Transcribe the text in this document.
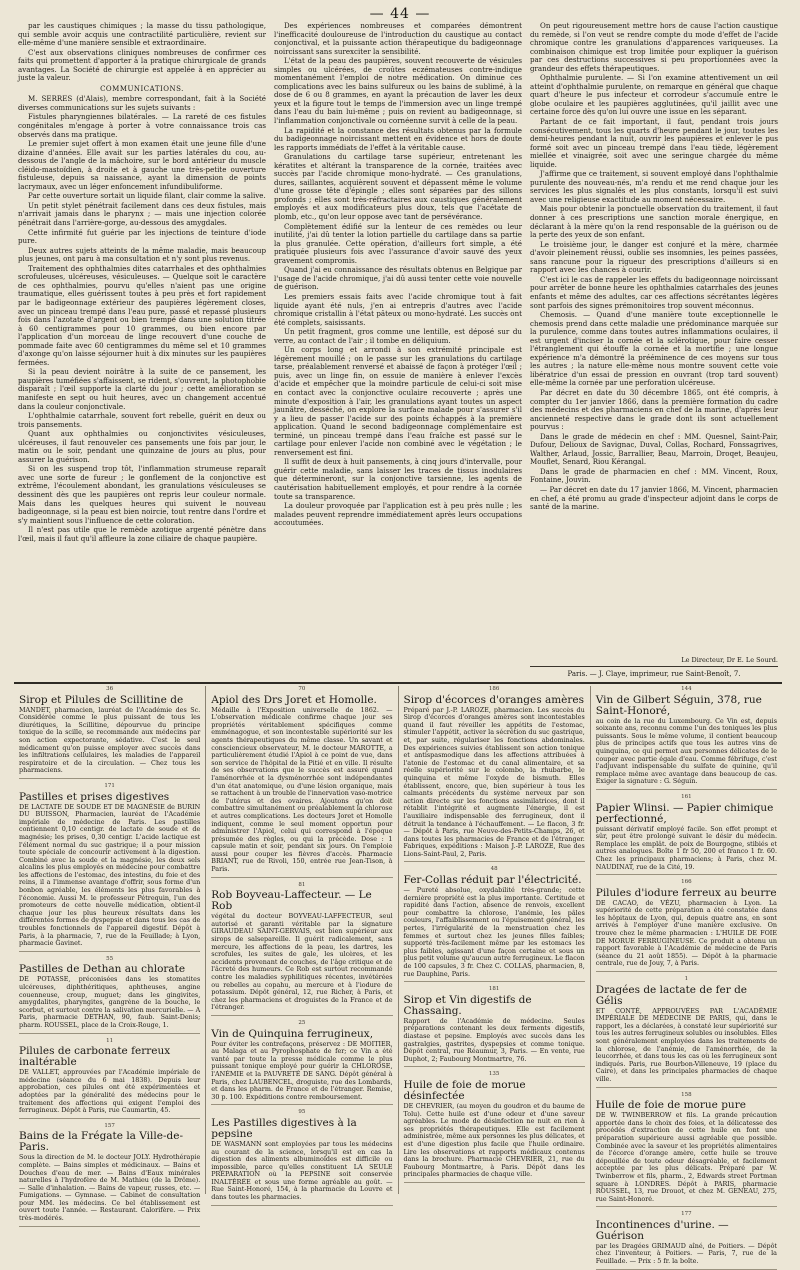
— 44 —

par les caustiques chimiques ; la masse du tissu pathologique, qui semble avoir acquis une contractilité particulière, revient sur elle-même d'une manière sensible et extraordinaire.

C'est aux observations cliniques nombreuses de confirmer ces faits qui promettent d'apporter à la pratique chirurgicale de grands avantages. La Société de chirurgie est appelée à en apprécier au juste la valeur.

COMMUNICATIONS.

M. SERRES (d'Alais), membre correspondant, fait à la Société diverses communications sur les sujets suivants :

Fistules pharyngiennes bilatérales. — La rareté de ces fistules congénitales m'engage à porter à votre connaissance trois cas observés dans ma pratique.

Le premier sujet offert à mon examen était une jeune fille d'une dizaine d'années. Elle avait sur les parties latérales du cou, au-dessous de l'angle de la mâchoire, sur le bord antérieur du muscle cléido-mastoïdien, à droite et à gauche une très-petite ouverture fistuleuse, depuis sa naissance, ayant la dimension de points lacrymaux, avec un léger enfoncement infundibuliforme.

Par cette ouverture sortait un liquide filant, clair comme la salive.

Un petit stylet pénétrait facilement dans ces deux fistules, mais n'arrivait jamais dans le pharynx ; — mais une injection colorée pénétrait dans l'arrière-gorge, au-dessous des amygdales.

Cette infirmité fut guérie par les injections de teinture d'iode pure.

Deux autres sujets atteints de la même maladie, mais beaucoup plus jeunes, ont paru à ma consultation et n'y sont plus revenus.

Traitement des ophthalmies dites catarrhales et des ophthalmies scrofuleuses, ulcéreuses, vésiculeuses. — Quelque soit le caractère de ces ophthalmies, pourvu qu'elles n'aient pas une origine traumatique, elles guérissent toutes à peu près et fort rapidement par le badigeonnage extérieur des paupières légèrement closes, avec un pinceau trempé dans l'eau pure, passé et repassé plusieurs fois dans l'azotate d'argent ou bien trempé dans une solution titrée à 60 centigrammes pour 10 grammes, ou bien encore par l'application d'un morceau de linge recouvert d'une couche de pommade faite avec 60 centigrammes du même sel et 10 grammes d'axonge qu'on laisse séjourner huit à dix minutes sur les paupières fermées.

Si la peau devient noirâtre à la suite de ce pansement, les paupières tuméfiées s'affaissent, se rident, s'ouvrent, la photophobie disparaît ; l'œil supporte la clarté du jour ; cette amélioration se manifeste en sept ou huit heures, avec un changement accentué dans la couleur conjonctivale.

L'ophthalmie catarrhale, souvent fort rebelle, guérit en deux ou trois pansements.

Quant aux ophthalmies ou conjonctivites vésiculeuses, ulcéreuses, il faut renouveler ces pansements une fois par jour, le matin ou le soir, pendant une quinzaine de jours au plus, pour assurer la guérison.

Si on les suspend trop tôt, l'inflammation strumeuse reparaît avec une sorte de fureur ; le gonflement de la conjonctive est extrême, l'écoulement abondant, les granulations vésiculeuses se dessinent dès que les paupières ont repris leur couleur normale. Mais dans les quelques heures qui suivent le nouveau badigeonnage, si la peau est bien noircie, tout rentre dans l'ordre et s'y maintient sous l'influence de cette coloration.

Il n'est pas utile que le remède azotique argenté pénètre dans l'œil, mais il faut qu'il affleure la zone ciliaire de chaque paupière.

Des expériences nombreuses et comparées démontrent l'inefficacité douloureuse de l'introduction du caustique au contact conjonctival, et la puissante action thérapeutique du badigeonnage noircissant sans surexciter la sensibilité.

L'état de la peau des paupières, souvent recouverte de vésicules simples ou ulcérées, de croûtes eczémateuses contre-indique momentanément l'emploi de notre médication. On diminue ces complications avec les bains sulfureux ou les bains de sublimé, à la dose de 6 ou 8 grammes, en ayant la précaution de laver les deux yeux et la figure tout le temps de l'immersion avec un linge trempé dans l'eau du bain lui-même ; puis on revient au badigeonnage, si l'inflammation conjonctivale ou cornéenne survit à celle de la peau.

La rapidité et la constance des résultats obtenus par la formule du badigeonnage noircissant mettent en évidence et hors de doute les rapports immédiats de l'effet à la véritable cause.

Granulations du cartilage tarse supérieur, entretenant les kératites et altérant la transparence de la cornée, traitées avec succès par l'acide chromique mono-hydraté. — Ces granulations, dures, saillantes, acquièrent souvent et dépassent même le volume d'une grosse tête d'épingle ; elles sont séparées par des sillons profonds ; elles sont très-réfractaires aux caustiques généralement employés et aux modificateurs plus doux, tels que l'acétate de plomb, etc., qu'on leur oppose avec tant de persévérance.

Complètement édifié sur la lenteur de ces remèdes ou leur inutilité, j'ai dû tenter la lotion partielle du cartilage dans sa partie la plus granulée. Cette opération, d'ailleurs fort simple, a été pratiquée plusieurs fois avec l'assurance d'avoir sauvé des yeux gravement compromis.

Quand j'ai eu connaissance des résultats obtenus en Belgique par l'usage de l'acide chromique, j'ai dû aussi tenter cette voie nouvelle de guérison.

Les premiers essais faits avec l'acide chromique tout à fait liquide ayant été nuls, j'en ai entrepris d'autres avec l'acide chromique cristallin à l'état pâteux ou mono-hydraté. Les succès ont été complets, saisissants.

Un petit fragment, gros comme une lentille, est déposé sur du verre, au contact de l'air ; il tombe en déliquium.

Un corps long et arrondi à son extrémité principale est légèrement mouillé ; on le passe sur les granulations du cartilage tarse, préalablement renversé et abaissé de façon à protéger l'œil ; puis, avec un linge fin, on essuie de manière à enlever l'excès d'acide et empêcher que la moindre particule de celui-ci soit mise en contact avec la conjonctive oculaire recouverte ; après une minute d'exposition à l'air, les granulations ayant toutes un aspect jaunâtre, desséché, on explore la surface malade pour s'assurer s'il y a lieu de passer l'acide sur des points échappés à la première application. Quand le second badigeonnage complémentaire est terminé, un pinceau trempé dans l'eau fraîche est passé sur le cartilage pour enlever l'acide non combiné avec le végétation ; le renversement est fini.

Il suffit de deux à huit pansements, à cinq jours d'intervalle, pour guérir cette maladie, sans laisser les traces de tissus inodulaires que détermineront, sur la conjonctive tarsienne, les agents de cautérisation habituellement employés, et pour rendre à la cornée toute sa transparence.

La douleur provoquée par l'application est à peu près nulle ; les malades peuvent reprendre immédiatement après leurs occupations accoutumées.

On peut rigoureusement mettre hors de cause l'action caustique du remède, si l'on veut se rendre compte du mode d'effet de l'acide chromique contre les granulations d'apparences variqueuses. La combinaison chimique est trop limitée pour expliquer la guérison par ces destructions successives si peu proportionnées avec la grandeur des effets thérapeutiques.

Ophthalmie purulente. — Si l'on examine attentivement un œil atteint d'ophthalmie purulente, on remarque en général que chaque quart d'heure le pus infecteur et corrodeur s'accumule entre le globe oculaire et les paupières agglutinées, qu'il jaillit avec une certaine force dès qu'on lui ouvre une issue en les séparant.

Partant de ce fait important, il faut, pendant trois jours consécutivement, tous les quarts d'heure pendant le jour, toutes les demi-heures pendant la nuit, ouvrir les paupières et enlever le pus formé soit avec un pinceau trempé dans l'eau tiède, légèrement miellée et vinaigrée, soit avec une seringue chargée du même liquide.

J'affirme que ce traitement, si souvent employé dans l'ophthalmie purulente des nouveau-nés, m'a rendu et me rend chaque jour les services les plus signalés et les plus constants, lorsqu'il est suivi avec une religieuse exactitude au moment nécessaire.

Mais pour obtenir la ponctuelle observation du traitement, il faut donner à ces prescriptions une sanction morale énergique, en déclarant à la mère qu'on la rend responsable de la guérison ou de la perte des yeux de son enfant.

Le troisième jour, le danger est conjuré et la mère, charmée d'avoir pleinement réussi, oublie ses insomnies, les peines passées, sans rancune pour la rigueur des prescriptions d'ailleurs si en rapport avec les chances à courir.

C'est ici le cas de rappeler les effets du badigeonnage noircissant pour arrêter de bonne heure les ophthalmies catarrhales des jeunes enfants et même des adultes, car ces affections sécrétantes légères sont parfois des signes prémonitoires trop souvent méconnus.

Chemosis. — Quand d'une manière toute exceptionnelle le chemosis prend dans cette maladie une prédominance marquée sur la purulence, comme dans toutes autres inflammations oculaires, il est urgent d'inciser la cornée et la sclérotique, pour faire cesser l'étranglement qui étouffe la cornée et la mortifie ; une longue expérience m'a démontré la prééminence de ces moyens sur tous les autres ; la nature elle-même nous montre souvent cette voie libératrice d'un essai de pression en ouvrant (trop tard souvent) elle-même la cornée par une perforation ulcéreuse.

Par décret en date du 30 décembre 1865, ont été compris, à compter du 1er janvier 1866, dans la première formation du cadre des médecins et des pharmaciens en chef de la marine, d'après leur ancienneté respective dans le grade dont ils sont actuellement pourvus :

Dans le grade de médecin en chef : MM. Quesnel, Saint-Pair, Dufour, Delioux de Savignac, Duval, Collas, Rochard, Fonssagrives, Walther, Arlaud, Jossic, Barrallier, Beau, Marroin, Droqet, Beaujeu, Mouflet, Senard, Riou Kérangal.

Dans le grade de pharmacien en chef : MM. Vincent, Roux, Fontaine, Jouvin.

— Par décret en date du 17 janvier 1866, M. Vincent, pharmacien en chef, a été promu au grade d'inspecteur adjoint dans le corps de santé de la marine.

Le Directeur, Dr E. Le Sourd.
Paris. — J. Claye, imprimeur, rue Saint-Benoît, 7.
36
Sirop et Pilules de Scillitine de

MANDET, pharmacien, lauréat de l'Académie des Sc. Considérée comme le plus puissant de tous les diurétiques, la Scillitine, dépourvue du principe toxique de la scille, se recommande aux médecins par son action expectorante, sédative. C'est le seul médicament qu'on puisse employer avec succès dans les infiltrations cellulaires, les maladies de l'appareil respiratoire et de la circulation. — Chez tous les pharmaciens.

171
Pastilles et prises digestives

DE LACTATE DE SOUDE ET DE MAGNÉSIE de BURIN DU BUISSON, Pharmacien, lauréat de l'Académie impériale de médecine de Paris. Les pastilles contiennent 0,10 centigr. de lactate de soude et de magnésie; les prises, 0,30 centigr. L'acide lactique est l'élément normal du suc gastrique; il a pour mission toute spéciale de concourir activement à la digestion. Combiné avec la soude et la magnésie, les deux sels alcalins les plus employés en médecine pour combattre les affections de l'estomac, des intestins, du foie et des reins, il a l'immense avantage d'offrir, sous forme d'un bonbon agréable, les éléments les plus favorables à l'économie. Aussi M. le professeur Pétrequin, l'un des promoteurs de cette nouvelle médication, obtient-il chaque jour les plus heureux résultats dans les différentes formes de dyspepsie et dans tous les cas de troubles fonctionnels de l'appareil digestif. Dépôt à Paris, à la pharmacie, 7, rue de la Feuillade; à Lyon, pharmacie Gavinet.

55
Pastilles de Dethan au chlorate

DE POTASSE, préconisées dans les stomatites ulcéreuses, diphthéritiques, aphtheuses, angine couenneuse, croup, muguet; dans les gingivites, amygdalites, pharyngites, gangrène de la bouche, le scorbut, et surtout contre la salivation mercurielle. — A Paris, pharmacie DETHAN, 90, faub. Saint-Denis; pharm. ROUSSEL, place de la Croix-Rouge, 1.

11
Pilules de carbonate ferreux inaltérable

DE VALLET, approuvées par l'Académie impériale de médecine (séance du 6 mai 1838). Depuis leur approbation, ces pilules ont été expérimentées et adoptées par la généralité des médecins pour le traitement des affections qui exigent l'emploi des ferrugineux. Dépôt à Paris, rue Caumartin, 45.

157
Bains de la Frégate la Ville-de-Paris.

Sous la direction de M. le docteur JOLY. Hydrothérapie complète. — Bains simples et médicinaux. — Bains et Douches d'eau de mer. — Bains d'Eaux minérales naturelles à l'hydrofère de M. Mathieu (de la Drôme). — Salle d'inhalation. — Bains de vapeur, russes, etc. — Fumigations. — Gymnase. — Cabinet de consultation pour MM. les médecins. Ce bel établissement est ouvert toute l'année. — Restaurant. Calorifère. — Prix très-modérés.

70
Apiol des Drs Joret et Homolle.

Médaille à l'Exposition universelle de 1862. — L'observation médicale confirme chaque jour ses propriétés véritablement spécifiques comme emménagogue, et son incontestable supériorité sur les agents thérapeutiques du même classe. Un savant et consciencieux observateur, M. le docteur MAROTTE, a particulièrement étudié l'Apiol à ce point de vue, dans son service de l'hôpital de la Pitié et en ville. Il résulte de ses observations que le succès est assuré quand l'aménorrhée et la dysménorrhée sont indépendantes d'un état anatomique, ou d'une lésion organique, mais se rattachent à un trouble de l'innervation vaso-motrice de l'utérus et des ovaires. Ajoutons qu'on doit combattre simultanément ou préalablement la chlorose et autres complications. Les docteurs Joret et Homolle indiquent, comme le seul moment opportun pour administrer l'Apiol, celui qui correspond à l'époque présumée des règles, ou qui la précède. Dose : 1 capsule matin et soir, pendant six jours. On l'emploie aussi pour couper les fièvres d'accès. Pharmacie BRIANT, rue de Rivoli, 150, entrée rue Jean-Tison, à Paris.

81
Rob Boyveau-Laffecteur. — Le Rob

végétal du docteur BOYVEAU-LAFFECTEUR, seul autorisé et garanti véritable par la signature GIRAUDEAU SAINT-GERVAIS, est bien supérieur aux sirops de salsepareille. Il guérit radicalement, sans mercure, les affections de la peau, les dartres, les scrofules, les suites de gale, les ulcères, et les accidents provenant de couches, de l'âge critique et de l'âcreté des humeurs. Ce Rob est surtout recommandé contre les maladies syphilitiques récentes, invétérées ou rebelles au copahu, au mercure et à l'iodure de potassium. Dépôt général, 12, rue Richer, à Paris, et chez les pharmaciens et droguistes de la France et de l'étranger.

25
Vin de Quinquina ferrugineux,

Pour éviter les contrefaçons, préservez : DE MOITIER, au Malaga et au Pyrophosphate de fer; ce Vin a été vanté par toute la presse médicale comme le plus puissant tonique employé pour guérir la CHLOROSE, l'ANÉMIE et la PAUVRETÉ DE SANG. Dépôt général à Paris, chez LAUBENCEL, droguiste, rue des Lombards, et dans les pharm. de France et de l'étranger. Remise, 30 p. 100. Expéditions contre remboursement.

95
Les Pastilles digestives à la pepsine

DE WASMANN sont employées par tous les médecins au courant de la science, lorsqu'il est en cas la digestion des aliments albuminoïdes est difficile ou impossible, parce qu'elles constituent LA SEULE PRÉPARATION où la PEPSINE soit conservée INALTÉRÉE et sous une forme agréable au goût. — Rue Saint-Honoré, 154, à la pharmacie du Louvre et dans toutes les pharmacies.

186
Sirop d'écorces d'oranges amères

Préparé par J.-P. LAROZE, pharmacien. Les succès du Sirop d'écorces d'oranges amères sont incontestables quand il faut réveiller les appétits de l'estomac, stimuler l'appétit, activer la sécrétion du suc gastrique, et, par suite, régulariser les fonctions abdominales. Des expériences suivies établissent son action tonique et antispasmodique dans les affections attribuées à l'atonie de l'estomac et du canal alimentaire, et sa réelle supériorité sur le colombo, la rhubarbe, le quinquina et même l'oxyde de bismuth. Elles établissent, encore, que, bien supérieur à tous les calmants précédents du système nerveux par son action directe sur les fonctions assimilatrices, dont il rétablit l'intégrité et augmente l'énergie, il est l'auxiliaire indispensable des ferrugineux, dont il détruit la tendance à l'échauffement. — Le flacon, 3 fr. — Dépôt à Paris, rue Neuve-des-Petits-Champs, 26, et dans toutes les pharmacies de France et de l'étranger. Fabriques, expéditions : Maison J.-P. LAROZE, Rue des Lions-Saint-Paul, 2, Paris.

48
Fer-Collas réduit par l'électricité.

— Pureté absolue, oxydabilité très-grande; cette dernière propriété est la plus importante. Certitude et rapidité dans l'action, absence de renvois, excellent pour combattre la chlorose, l'anémie, les pâles couleurs, l'affaiblissement ou l'épuisement général, les pertes, l'irrégularité de la menstruation chez les femmes et surtout chez les jeunes filles faibles; supporté très-facilement même par les estomacs les plus faibles, agissant d'une façon certaine et sous un plus petit volume qu'aucun autre ferrugineux. Le flacon de 100 capsules, 3 fr. Chez C. COLLAS, pharmacien, 8, rue Dauphine, Paris.

181
Sirop et Vin digestifs de Chassaing.

Rapport de l'Académie de médecine. Seules préparations contenant les deux ferments digestifs, diastase et pepsine. Employés avec succès dans les gastralgies, gastrites, dyspepsies et comme tonique. Dépôt central, rue Réaumur, 3, Paris. — En vente, rue Duphot, 2; Faubourg Montmartre, 76.

135
Huile de foie de morue désinfectée

DE CHEVRIER, (au moyen du goudron et du baume de Tolu). Cette huile est d'une odeur et d'une saveur agréables. Le mode de désinfection ne nuit en rien à ses propriétés thérapeutiques. Elle est facilement administrée, même aux personnes les plus délicates, et est d'une digestion plus facile que l'huile ordinaire. Lire les observations et rapports médicaux contenus dans la brochure. Pharmacie CHEVRIER, 21, rue du Faubourg Montmartre, à Paris. Dépôt dans les principales pharmacies de chaque ville.

144
Vin de Gilbert Séguin, 378, rue Saint-Honoré,

au coin de la rue du Luxembourg. Ce Vin est, depuis soixante ans, reconnu comme l'un des toniques les plus puissants. Sous le même volume, il contient beaucoup plus de principes actifs que tous les autres vins de quinquina, ce qui permet aux personnes délicates de le couper avec partie égale d'eau. Comme fébrifuge, c'est l'adjuvant indispensable du sulfate de quinine, qu'il remplace même avec avantage dans beaucoup de cas. Exiger la signature : G. Séguin.

161
Papier Wlinsi. — Papier chimique perfectionné,

puissant dérivatif employé facile. Son effet prompt et sûr, peut être prolongé suivant le désir du médecin. Remplace les emplât. de poix de Bourgogne, stibiés et autres analogues. Boîte 1 fr 50, 200 et franco 1 fr. 60. Chez les principaux pharmaciens; à Paris, chez M. NAUDINAT, rue de la Cité, 19.

166
Pilules d'iodure ferreux au beurre

DE CACAO, de VÉZU, pharmacien à Lyon. La supériorité de cette préparation a été constatée dans les hôpitaux de Lyon, qui, depuis quatre ans, en sont arrivés à l'employer d'une manière exclusive. On trouve chez le même pharmacien : L'HUILE DE FOIE DE MORUE FERRUGINEUSE. Ce produit a obtenu un rapport favorable à l'Académie de médecine de Paris (séance du 21 août 1855). — Dépôt à la pharmacie centrale, rue de Jouy, 7, à Paris.

1
Dragées de lactate de fer de Gélis

ET CONTÉ, APPROUVÉES PAR L'ACADÉMIE IMPÉRIALE DE MÉDECINE DE PARIS, qui, dans le rapport, les a déclarées, à constaté leur supériorité sur tous les autres ferrugineux solubles ou insolubles. Elles sont généralement employées dans les traitements de la chlorose, de l'anémie, de l'aménorrhée, de la leucorrhée, et dans tous les cas où les ferrugineux sont indiqués. Paris, rue Bourbon-Villeneuve, 19 (place du Caire), et dans les principales pharmacies de chaque ville.

158
Huile de foie de morue pure

DE W. TWINBERROW et fils. La grande précaution apportée dans le choix des foies, et la délicatesse des procédés d'extraction de cette huile en font une préparation supérieure aussi agréable que possible. Combinée avec la saveur et les propriétés alimentaires de l'écorce d'orange amère, cette huile se trouve dépouillée de toute odeur désagréable, et facilement acceptée par les plus délicats. Préparé par W. Twinberrow et fils, pharm., 2, Edwards street Portman square à LONDRES. Dépôt à PARIS, pharmacie ROUSSEL, 13, rue Drouot, et chez M. GENEAU, 275, rue Saint-Honoré.

177
Incontinences d'urine. — Guérison

par les Dragées GRIMAUD aîné, de Poitiers. — Dépôt chez l'inventeur, à Poitiers. — Paris, 7, rue de la Feuillade. — Prix : 5 fr. la boîte.
